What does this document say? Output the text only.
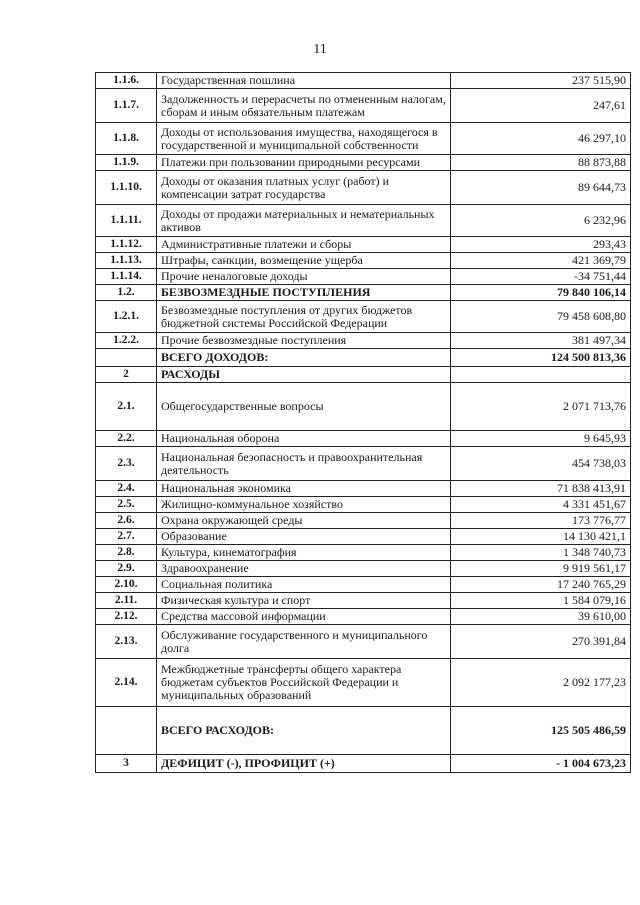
11
1.1.6.	Государственная пошлина	237 515,90
1.1.7.	Задолженность и перерасчеты по отмененным налогам, сборам и иным обязательным платежам	247,61
1.1.8.	Доходы от использования имущества, находящегося в государственной и муниципальной собственности	46 297,10
1.1.9.	Платежи при пользовании природными ресурсами	88 873,88
1.1.10.	Доходы от оказания платных услуг (работ) и компенсации затрат государства	89 644,73
1.1.11.	Доходы от продажи материальных и нематериальных активов	6 232,96
1.1.12.	Административные платежи и сборы	293,43
1.1.13.	Штрафы, санкции, возмещение ущерба	421 369,79
1.1.14.	Прочие неналоговые доходы	-34 751,44
1.2.	БЕЗВОЗМЕЗДНЫЕ ПОСТУПЛЕНИЯ	79 840 106,14
1.2.1.	Безвозмездные поступления от других бюджетов бюджетной системы Российской Федерации	79 458 608,80
1.2.2.	Прочие безвозмездные поступления	381 497,34
	ВСЕГО ДОХОДОВ:	124 500 813,36
2	РАСХОДЫ	
2.1.	Общегосударственные вопросы	2 071 713,76
2.2.	Национальная оборона	9 645,93
2.3.	Национальная безопасность и правоохранительная деятельность	454 738,03
2.4.	Национальная экономика	71 838 413,91
2.5.	Жилищно-коммунальное хозяйство	4 331 451,67
2.6.	Охрана окружающей среды	173 776,77
2.7.	Образование	14 130 421,1
2.8.	Культура, кинематография	1 348 740,73
2.9.	Здравоохранение	9 919 561,17
2.10.	Социальная политика	17 240 765,29
2.11.	Физическая культура и спорт	1 584 079,16
2.12.	Средства массовой информации	39 610,00
2.13.	Обслуживание государственного и муниципального долга	270 391,84
2.14.	Межбюджетные трансферты общего характера бюджетам субъектов Российской Федерации и муниципальных образований	2 092 177,23
	ВСЕГО РАСХОДОВ:	125 505 486,59
3	ДЕФИЦИТ (-), ПРОФИЦИТ (+)	- 1 004 673,23
